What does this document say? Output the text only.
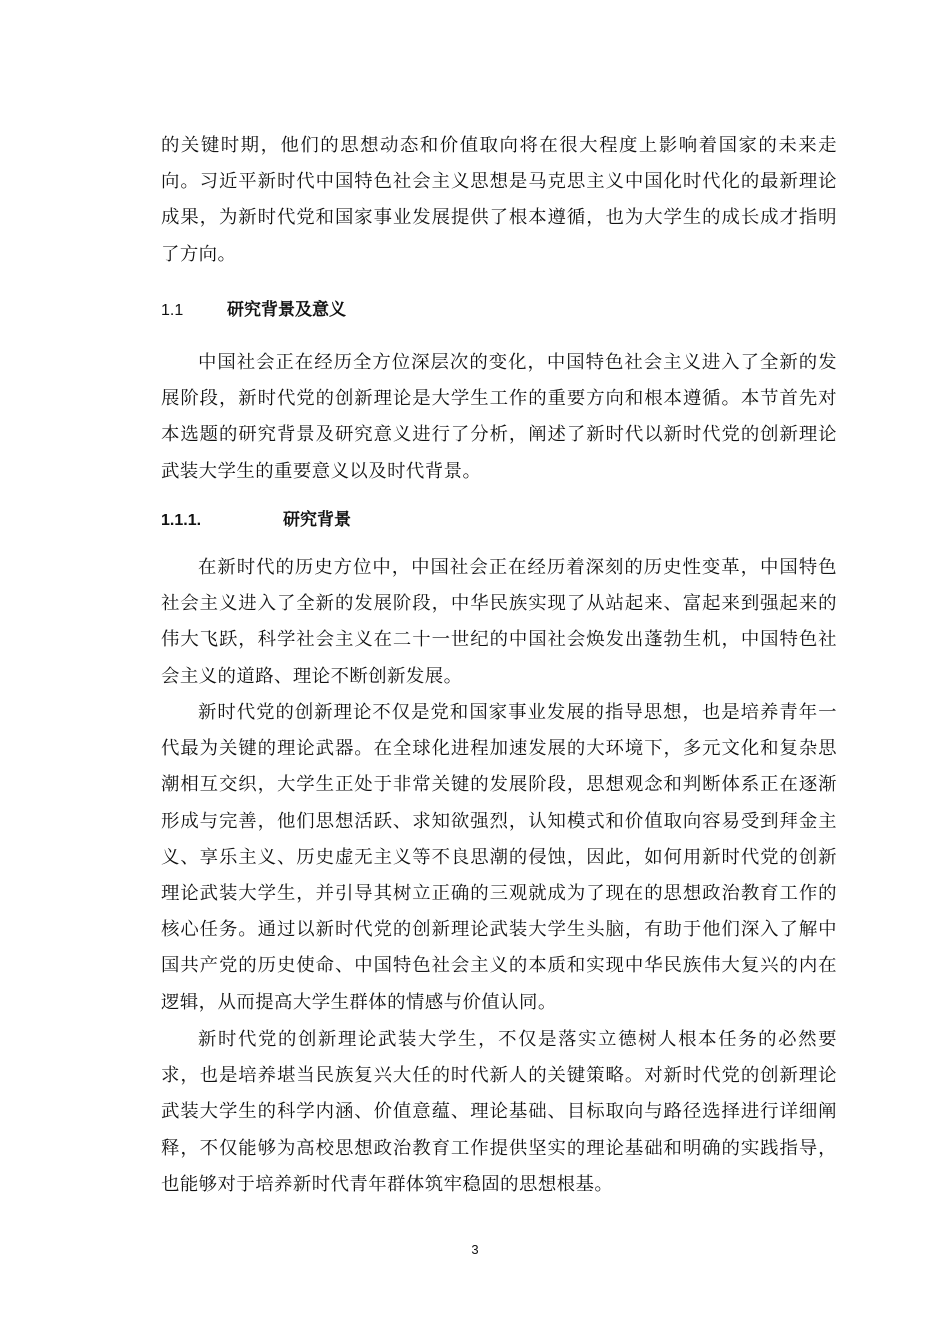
的关键时期，他们的思想动态和价值取向将在很大程度上影响着国家的未来走向。习近平新时代中国特色社会主义思想是马克思主义中国化时代化的最新理论成果，为新时代党和国家事业发展提供了根本遵循，也为大学生的成长成才指明了方向。

1.1	研究背景及意义

中国社会正在经历全方位深层次的变化，中国特色社会主义进入了全新的发展阶段，新时代党的创新理论是大学生工作的重要方向和根本遵循。本节首先对本选题的研究背景及研究意义进行了分析，阐述了新时代以新时代党的创新理论武装大学生的重要意义以及时代背景。

1.1.1.	研究背景

在新时代的历史方位中，中国社会正在经历着深刻的历史性变革，中国特色社会主义进入了全新的发展阶段，中华民族实现了从站起来、富起来到强起来的伟大飞跃，科学社会主义在二十一世纪的中国社会焕发出蓬勃生机，中国特色社会主义的道路、理论不断创新发展。

新时代党的创新理论不仅是党和国家事业发展的指导思想，也是培养青年一代最为关键的理论武器。在全球化进程加速发展的大环境下，多元文化和复杂思潮相互交织，大学生正处于非常关键的发展阶段，思想观念和判断体系正在逐渐形成与完善，他们思想活跃、求知欲强烈，认知模式和价值取向容易受到拜金主义、享乐主义、历史虚无主义等不良思潮的侵蚀，因此，如何用新时代党的创新理论武装大学生，并引导其树立正确的三观就成为了现在的思想政治教育工作的核心任务。通过以新时代党的创新理论武装大学生头脑，有助于他们深入了解中国共产党的历史使命、中国特色社会主义的本质和实现中华民族伟大复兴的内在逻辑，从而提高大学生群体的情感与价值认同。

新时代党的创新理论武装大学生，不仅是落实立德树人根本任务的必然要求，也是培养堪当民族复兴大任的时代新人的关键策略。对新时代党的创新理论武装大学生的科学内涵、价值意蕴、理论基础、目标取向与路径选择进行详细阐释，不仅能够为高校思想政治教育工作提供坚实的理论基础和明确的实践指导，也能够对于培养新时代青年群体筑牢稳固的思想根基。

3
